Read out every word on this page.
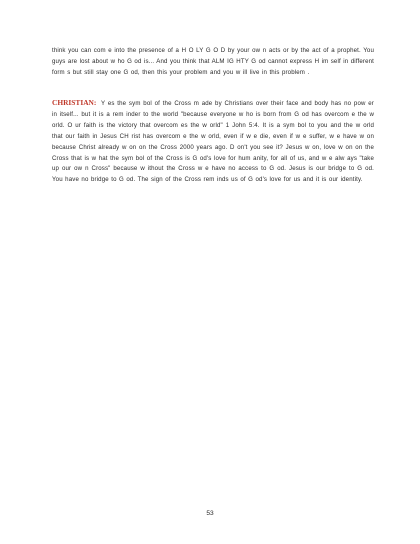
think you can com e into the presence of a H O LY G O D by your ow n acts or by the act of a prophet. You guys are lost about w ho G od is... And you think that ALM IG HTY G od cannot express H im self in different form s but still stay one G od, then this your problem and you w ill live in this problem .

CHRISTIAN: Y es the sym bol of the Cross m ade by Christians over their face and body has no pow er in itself... but it is a rem inder to the world "because everyone w ho is born from G od has overcom e the w orld. O ur faith is the victory that overcom es the w orld" 1 John 5:4. It is a sym bol to you and the w orld that our faith in Jesus CH rist has overcom e the w orld, even if w e die, even if w e suffer, w e have w on because Christ already w on on the Cross 2000 years ago. D on't you see it? Jesus w on, love w on on the Cross that is w hat the sym bol of the Cross is G od's love for hum anity, for all of us, and w e alw ays "take up our ow n Cross" because w ithout the Cross w e have no access to G od. Jesus is our bridge to G od. You have no bridge to G od. The sign of the Cross rem inds us of G od's love for us and it is our identity.

53
